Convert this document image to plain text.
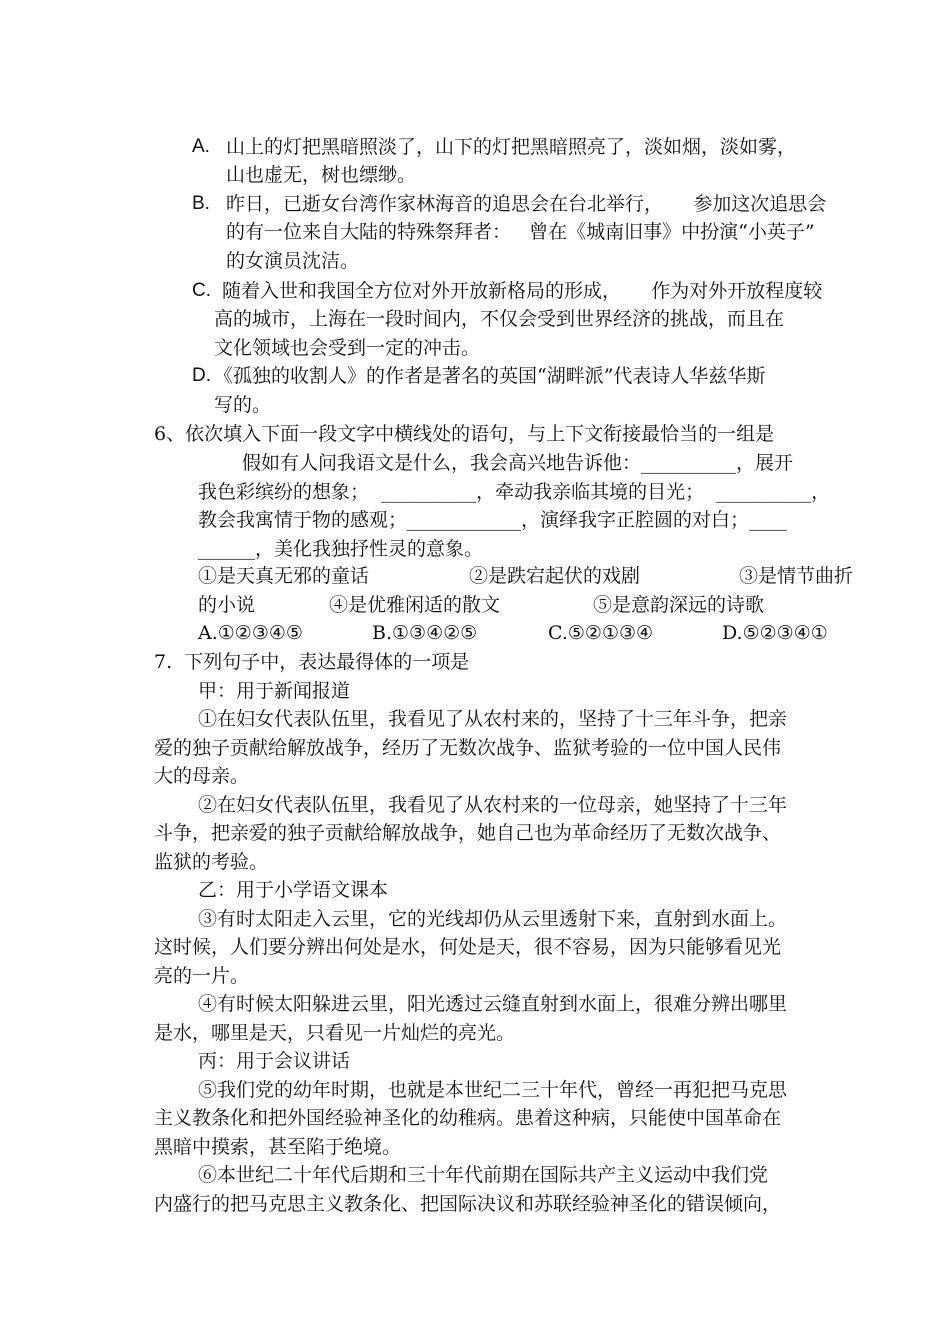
A. 山上的灯把黑暗照淡了，山下的灯把黑暗照亮了，淡如烟，淡如雾，
山也虚无，树也缥缈。
B. 昨日，已逝女台湾作家林海音的追思会在台北举行，     参加这次追思会
的有一位来自大陆的特殊祭拜者：   曾在《城南旧事》中扮演“小英子”
的女演员沈洁。
C. 随着入世和我国全方位对外开放新格局的形成，     作为对外开放程度较
高的城市，上海在一段时间内，不仅会受到世界经济的挑战，而且在
文化领域也会受到一定的冲击。
D. 《孤独的收割人》的作者是著名的英国“湖畔派”代表诗人华兹华斯
写的。
6、依次填入下面一段文字中横线处的语句，与上下文衔接最恰当的一组是
假如有人问我语文是什么，我会高兴地告诉他：__________，展开
我色彩缤纷的想象；  __________，牵动我亲临其境的目光；  __________，
教会我寓情于物的感观；____________，演绎我字正腔圆的对白；____
______，美化我独抒性灵的意象。
①是天真无邪的童话	②是跌宕起伏的戏剧	③是情节曲折
的小说	④是优雅闲适的散文	⑤是意韵深远的诗歌
A.①②③④⑤	B.①③④②⑤	C.⑤②①③④	D.⑤②③④①
7.  下列句子中，表达最得体的一项是
甲：用于新闻报道
①在妇女代表队伍里，我看见了从农村来的，坚持了十三年斗争，把亲
爱的独子贡献给解放战争，经历了无数次战争、监狱考验的一位中国人民伟
大的母亲。
②在妇女代表队伍里，我看见了从农村来的一位母亲，她坚持了十三年
斗争，把亲爱的独子贡献给解放战争，她自己也为革命经历了无数次战争、
监狱的考验。
乙：用于小学语文课本
③有时太阳走入云里，它的光线却仍从云里透射下来，直射到水面上。
这时候，人们要分辨出何处是水，何处是天，很不容易，因为只能够看见光
亮的一片。
④有时候太阳躲进云里，阳光透过云缝直射到水面上，很难分辨出哪里
是水，哪里是天，只看见一片灿烂的亮光。
丙：用于会议讲话
⑤我们党的幼年时期，也就是本世纪二三十年代，曾经一再犯把马克思
主义教条化和把外国经验神圣化的幼稚病。患着这种病，只能使中国革命在
黑暗中摸索，甚至陷于绝境。
⑥本世纪二十年代后期和三十年代前期在国际共产主义运动中我们党
内盛行的把马克思主义教条化、把国际决议和苏联经验神圣化的错误倾向，
